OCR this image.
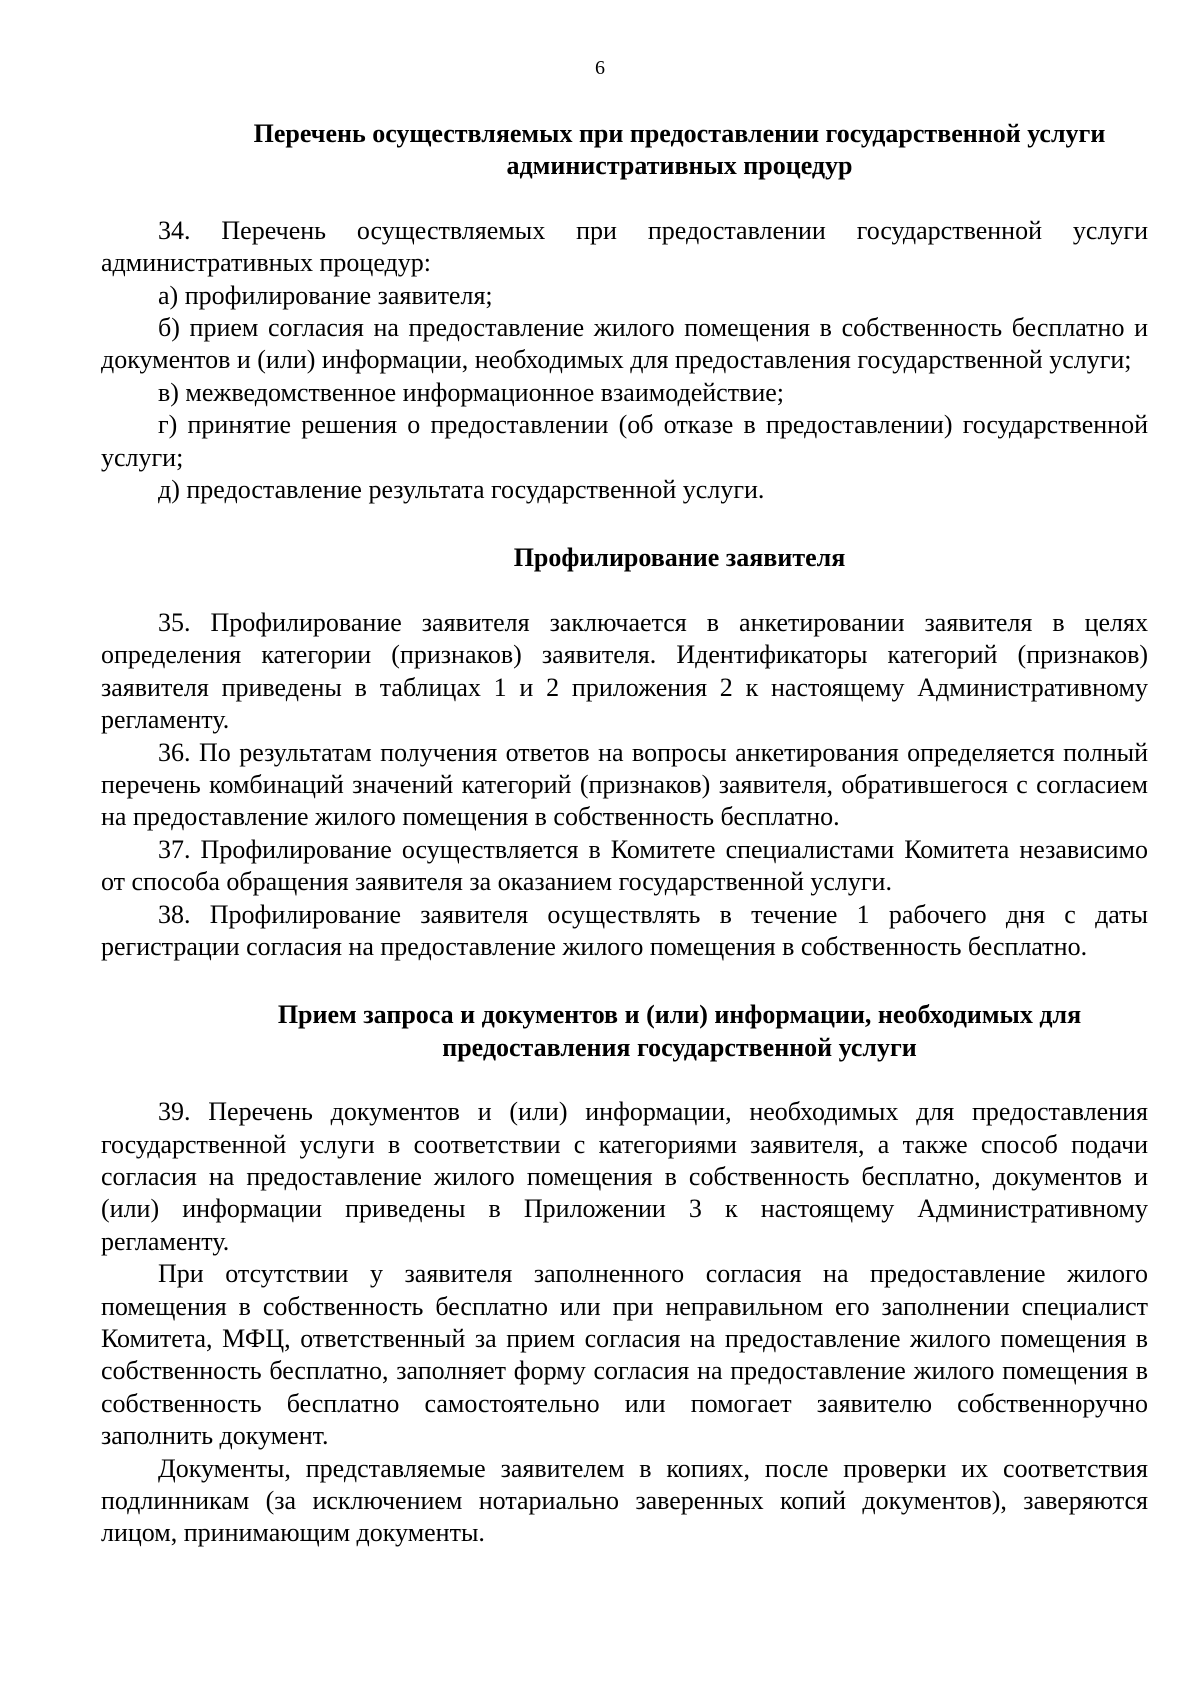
6
Перечень осуществляемых при предоставлении государственной услуги
административных процедур

34. Перечень осуществляемых при предоставлении государственной услуги административных процедур:

а) профилирование заявителя;

б) прием согласия на предоставление жилого помещения в собственность бесплатно и документов и (или) информации, необходимых для предоставления государственной услуги;

в) межведомственное информационное взаимодействие;

г) принятие решения о предоставлении (об отказе в предоставлении) государственной услуги;

д) предоставление результата государственной услуги.

Профилирование заявителя

35. Профилирование заявителя заключается в анкетировании заявителя в целях определения категории (признаков) заявителя. Идентификаторы категорий (признаков) заявителя приведены в таблицах 1 и 2 приложения 2 к настоящему Административному регламенту.

36. По результатам получения ответов на вопросы анкетирования определяется полный перечень комбинаций значений категорий (признаков) заявителя, обратившегося с согласием на предоставление жилого помещения в собственность бесплатно.

37. Профилирование осуществляется в Комитете специалистами Комитета независимо от способа обращения заявителя за оказанием государственной услуги.

38. Профилирование заявителя осуществлять в течение 1 рабочего дня с даты регистрации согласия на предоставление жилого помещения в собственность бесплатно.

Прием запроса и документов и (или) информации, необходимых для
предоставления государственной услуги

39. Перечень документов и (или) информации, необходимых для предоставления государственной услуги в соответствии с категориями заявителя, а также способ подачи согласия на предоставление жилого помещения в собственность бесплатно, документов и (или) информации приведены в Приложении 3 к настоящему Административному регламенту.

При отсутствии у заявителя заполненного согласия на предоставление жилого помещения в собственность бесплатно или при неправильном его заполнении специалист Комитета, МФЦ, ответственный за прием согласия на предоставление жилого помещения в собственность бесплатно, заполняет форму согласия на предоставление жилого помещения в собственность бесплатно самостоятельно или помогает заявителю собственноручно заполнить документ.

Документы, представляемые заявителем в копиях, после проверки их соответствия подлинникам (за исключением нотариально заверенных копий документов), заверяются лицом, принимающим документы.
